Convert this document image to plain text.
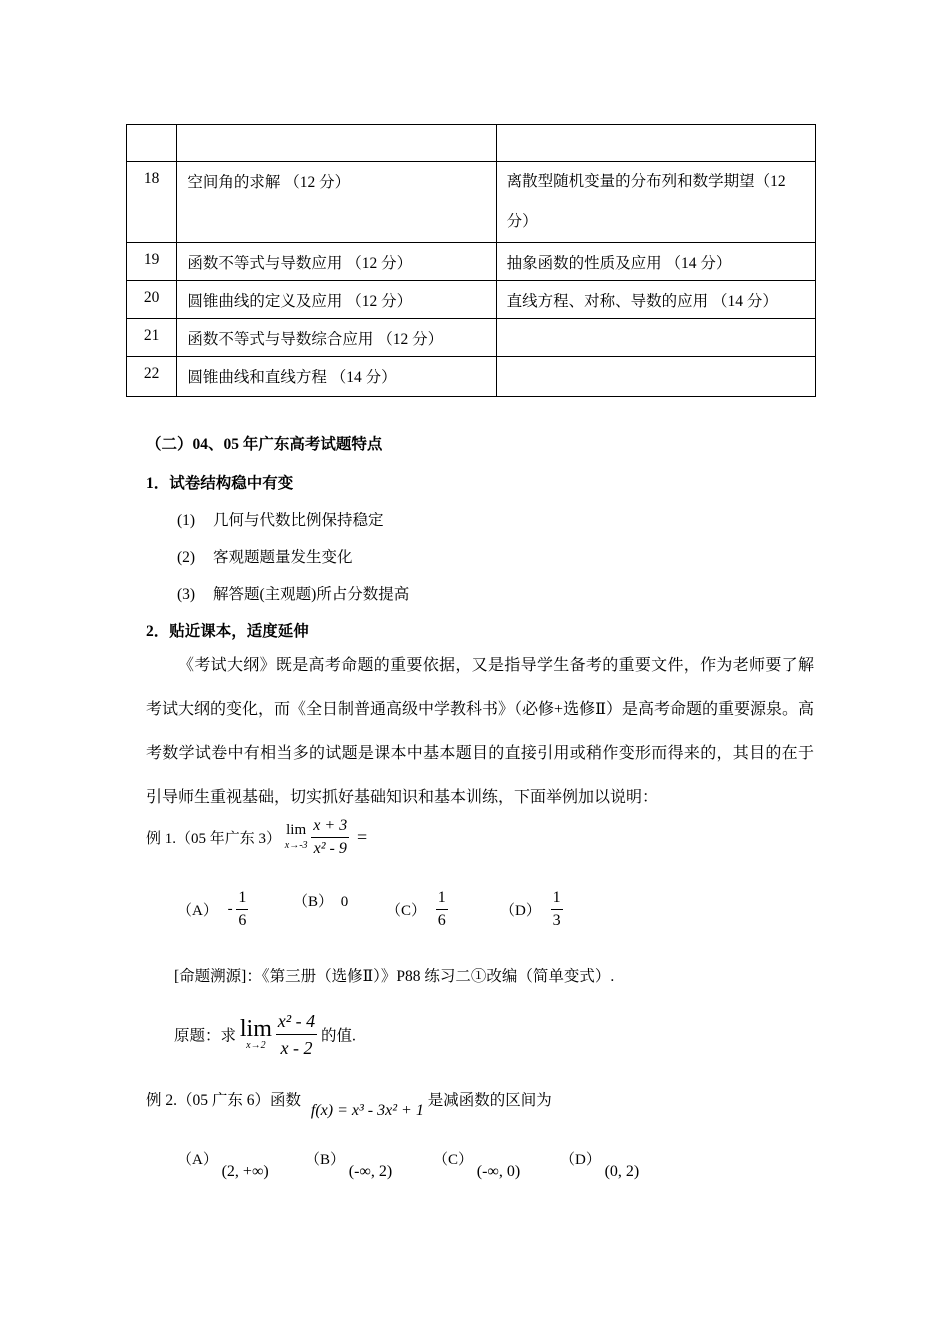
18	空间角的求解 （12 分）	离散型随机变量的分布列和数学期望（12 分）
19	函数不等式与导数应用 （12 分）	抽象函数的性质及应用 （14 分）
20	圆锥曲线的定义及应用 （12 分）	直线方程、对称、导数的应用 （14 分）
21	函数不等式与导数综合应用 （12 分）	
22	圆锥曲线和直线方程 （14 分）	
（二）04、05 年广东高考试题特点
1．试卷结构稳中有变
(1) 几何与代数比例保持稳定
(2) 客观题题量发生变化
(3) 解答题(主观题)所占分数提高
2．贴近课本，适度延伸
《考试大纲》既是高考命题的重要依据，又是指导学生备考的重要文件，作为老师要了解考试大纲的变化，而《全日制普通高级中学教科书》（必修+选修Ⅱ）是高考命题的重要源泉。高考数学试卷中有相当多的试题是课本中基本题目的直接引用或稍作变形而得来的，其目的在于引导师生重视基础，切实抓好基础知识和基本训练，下面举例加以说明：
例 1.（05 年广东 3）
lim
x→-3
$\frac{x + 3}{\text{x² - 9}}$ =
$(A) - \frac{1}{6}$	（B） 0
$(C) \frac{1}{6}$	$(D) \frac{1}{3}$
[命题溯源]：《第三册（选修Ⅱ）》P88 练习二①改编（简单变式）.
原题：求 lim
x→2
$\frac{\text{x² - 4}}{x - 2}$ 的值.
例 2.（05 广东 6）函数 f(x) = x³ - 3x² + 1 是减函数的区间为
（A） (2, +∞)
（B） (-∞, 2)
（C） (-∞, 0)
（D） (0, 2)
